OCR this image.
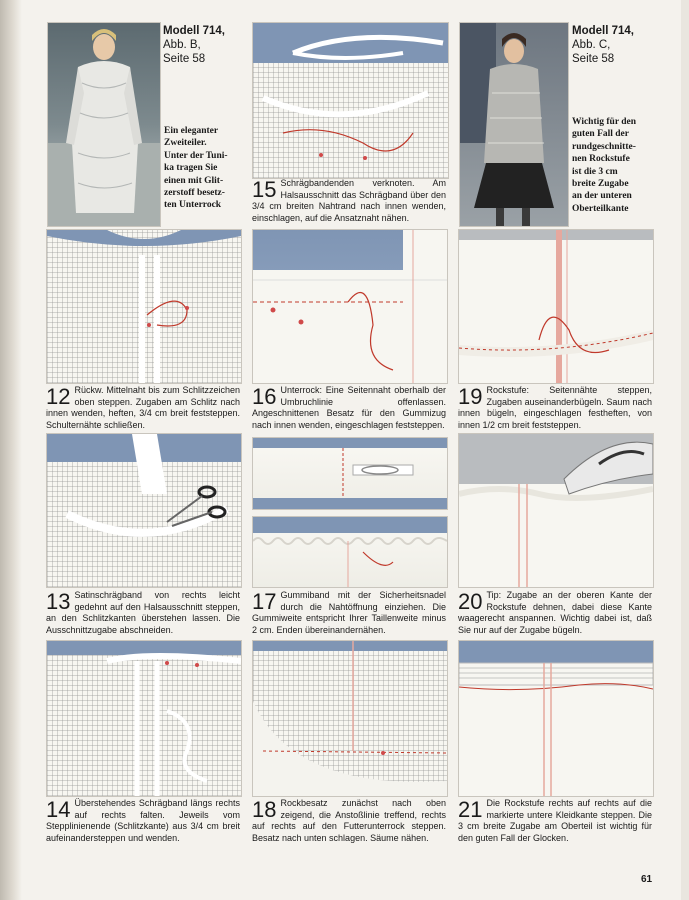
Modell 714,
Abb. B,
Seite 58
Ein eleganter
Zweiteiler.
Unter der Tuni-
ka tragen Sie
einen mit Glit-
zerstoff besetz-
ten Unterrock
15 Schrägbandenden verknoten. Am Halsausschnitt das Schrägband über den 3/4 cm breiten Nahtrand nach innen wenden, einschlagen, auf die Ansatznaht nähen.
Modell 714,
Abb. C,
Seite 58
Wichtig für den
guten Fall der
rundgeschnitte-
nen Rockstufe
ist die 3 cm
breite Zugabe
an der unteren
Oberteilkante
12 Rückw. Mittelnaht bis zum Schlitzzeichen oben steppen. Zugaben am Schlitz nach innen wenden, heften, 3/4 cm breit feststeppen. Schulternähte schließen.
16 Unterrock: Eine Seitennaht oberhalb der Umbruchlinie offenlassen. Angeschnittenen Besatz für den Gummizug nach innen wenden, eingeschlagen feststeppen.
19 Rockstufe: Seitennähte steppen, Zugaben auseinanderbügeln. Saum nach innen bügeln, eingeschlagen festheften, von innen 1/2 cm breit feststeppen.
13 Satinschrägband von rechts leicht gedehnt auf den Halsausschnitt steppen, an den Schlitzkanten überstehen lassen. Die Ausschnittzugabe abschneiden.
17 Gummiband mit der Sicherheitsnadel durch die Nahtöffnung einziehen. Die Gummiweite entspricht Ihrer Taillenweite minus 2 cm. Enden übereinandernähen.
20 Tip: Zugabe an der oberen Kante der Rockstufe dehnen, dabei diese Kante waagerecht anspannen. Wichtig dabei ist, daß Sie nur auf der Zugabe bügeln.
14 Überstehendes Schrägband längs rechts auf rechts falten. Jeweils vom Stepplinienende (Schlitzkante) aus 3/4 cm breit aufeinandersteppen und wenden.
18 Rockbesatz zunächst nach oben zeigend, die Anstoßlinie treffend, rechts auf rechts auf den Futterunterrock steppen. Besatz nach unten schlagen. Säume nähen.
21 Die Rockstufe rechts auf rechts auf die markierte untere Kleidkante steppen. Die 3 cm breite Zugabe am Oberteil ist wichtig für den guten Fall der Glocken.
61
